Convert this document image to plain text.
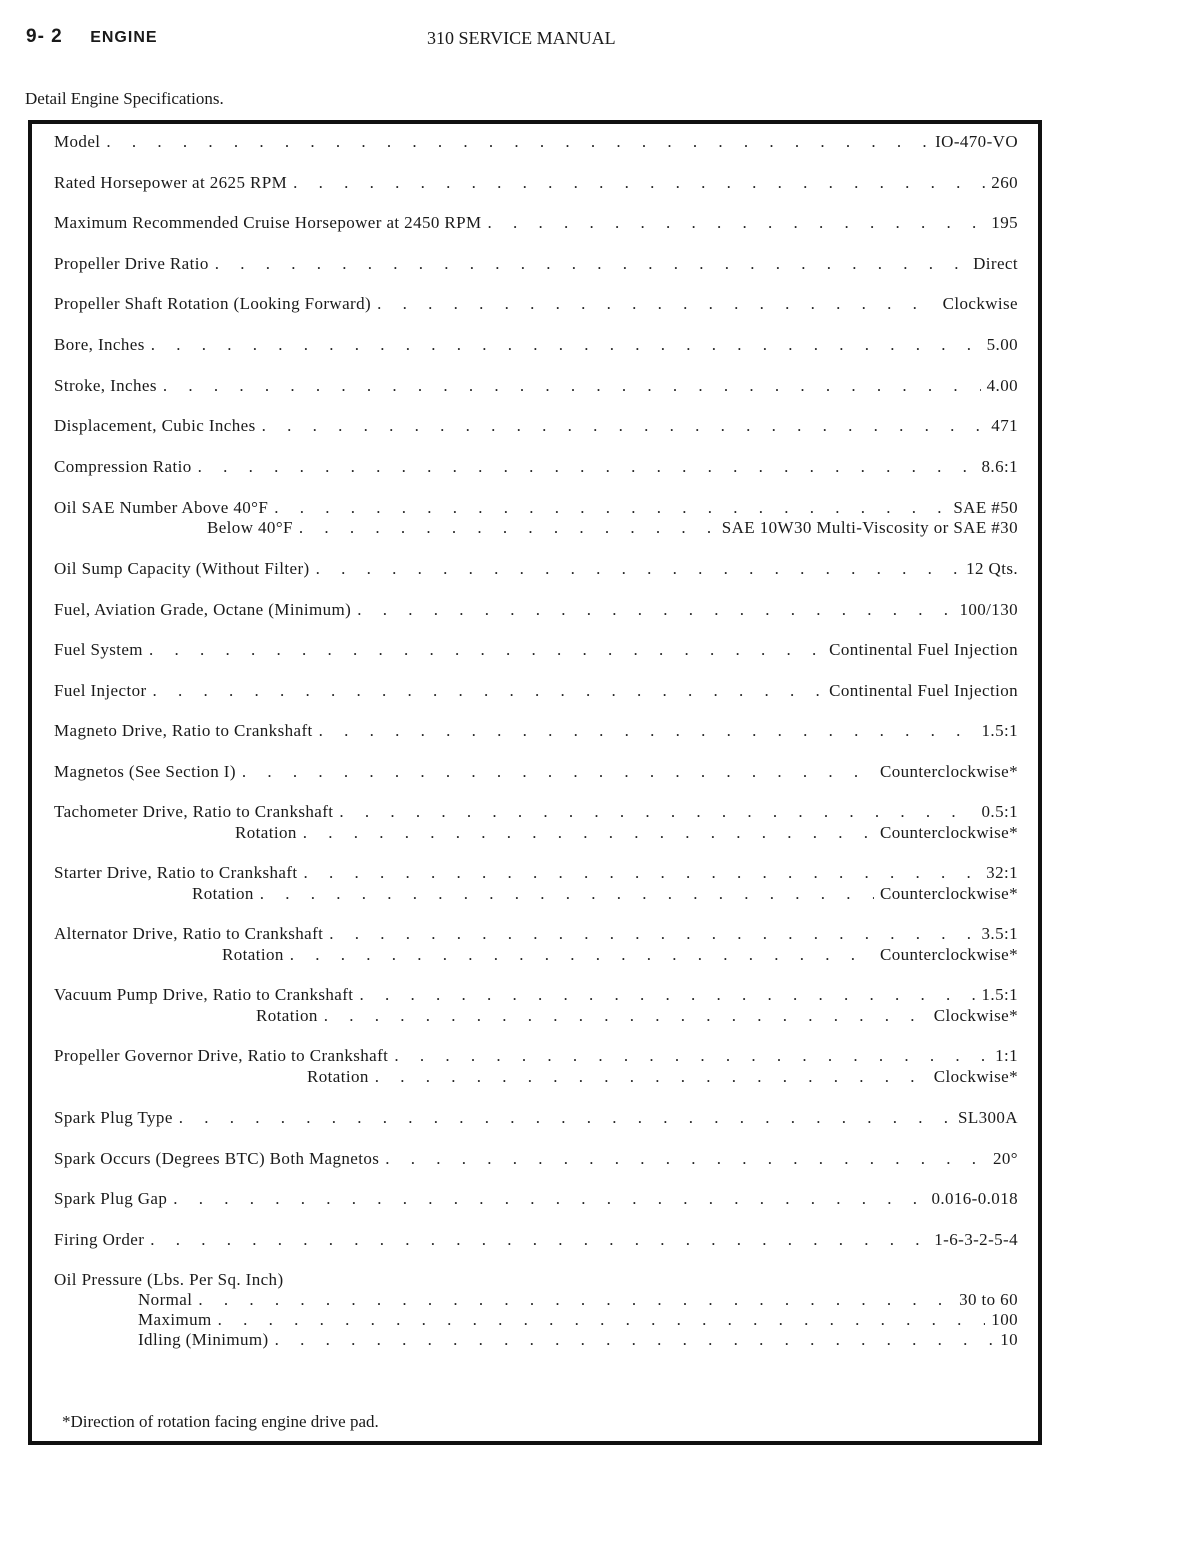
9- 2 ENGINE	310 SERVICE MANUAL
Detail Engine Specifications.
Model .	IO-470-VO
Rated Horsepower at 2625 RPM .	260
Maximum Recommended Cruise Horsepower at 2450 RPM .	195
Propeller Drive Ratio .	Direct
Propeller Shaft Rotation (Looking Forward) .	Clockwise
Bore, Inches .	5.00
Stroke, Inches .	4.00
Displacement, Cubic Inches .	471
Compression Ratio .	8.6:1
Oil SAE Number Above 40°F .	SAE #50
Below 40°F .	SAE 10W30 Multi-Viscosity or SAE #30
Oil Sump Capacity (Without Filter) .	12 Qts.
Fuel, Aviation Grade, Octane (Minimum) .	100/130
Fuel System .	Continental Fuel Injection
Fuel Injector .	Continental Fuel Injection
Magneto Drive, Ratio to Crankshaft .	1.5:1
Magnetos (See Section I) .	Counterclockwise*
Tachometer Drive, Ratio to Crankshaft .	0.5:1
Rotation .	Counterclockwise*
Starter Drive, Ratio to Crankshaft .	32:1
Rotation .	Counterclockwise*
Alternator Drive, Ratio to Crankshaft .	3.5:1
Rotation .	Counterclockwise*
Vacuum Pump Drive, Ratio to Crankshaft .	1.5:1
Rotation .	Clockwise*
Propeller Governor Drive, Ratio to Crankshaft .	1:1
Rotation .	Clockwise*
Spark Plug Type .	SL300A
Spark Occurs (Degrees BTC) Both Magnetos .	20°
Spark Plug Gap .	0.016-0.018
Firing Order .	1-6-3-2-5-4
Oil Pressure (Lbs. Per Sq. Inch)
Normal .	30 to 60
Maximum .	100
Idling (Minimum) .	10
*Direction of rotation facing engine drive pad.
